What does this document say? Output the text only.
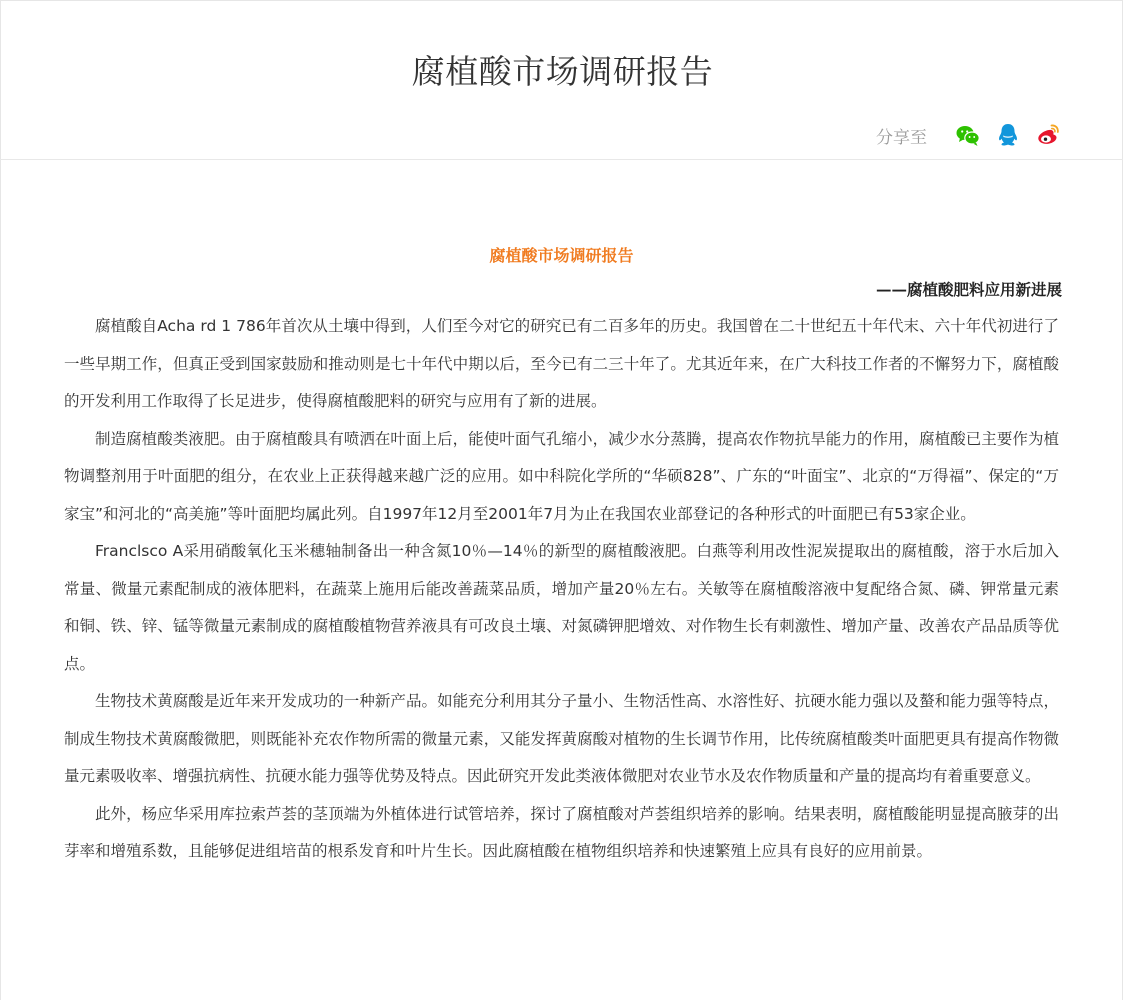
腐植酸市场调研报告
分享至

腐植酸市场调研报告

——腐植酸肥料应用新进展

腐植酸自Acha rd 1 786年首次从土壤中得到，人们至今对它的研究已有二百多年的历史。我国曾在二十世纪五十年代末、六十年代初进行了一些早期工作，但真正受到国家鼓励和推动则是七十年代中期以后，至今已有二三十年了。尤其近年来，在广大科技工作者的不懈努力下，腐植酸的开发利用工作取得了长足进步，使得腐植酸肥料的研究与应用有了新的进展。

制造腐植酸类液肥。由于腐植酸具有喷洒在叶面上后，能使叶面气孔缩小，减少水分蒸腾，提高农作物抗旱能力的作用，腐植酸已主要作为植物调整剂用于叶面肥的组分，在农业上正获得越来越广泛的应用。如中科院化学所的“华硕828”、广东的“叶面宝”、北京的“万得福”、保定的“万家宝”和河北的“高美施”等叶面肥均属此列。自1997年12月至2001年7月为止在我国农业部登记的各种形式的叶面肥已有53家企业。

Franclsco A采用硝酸氧化玉米穗轴制备出一种含氮10％—14％的新型的腐植酸液肥。白燕等利用改性泥炭提取出的腐植酸，溶于水后加入常量、微量元素配制成的液体肥料，在蔬菜上施用后能改善蔬菜品质，增加产量20％左右。关敏等在腐植酸溶液中复配络合氮、磷、钾常量元素和铜、铁、锌、锰等微量元素制成的腐植酸植物营养液具有可改良土壤、对氮磷钾肥增效、对作物生长有刺激性、增加产量、改善农产品品质等优点。

生物技术黄腐酸是近年来开发成功的一种新产品。如能充分利用其分子量小、生物活性高、水溶性好、抗硬水能力强以及螯和能力强等特点，制成生物技术黄腐酸微肥，则既能补充农作物所需的微量元素，又能发挥黄腐酸对植物的生长调节作用，比传统腐植酸类叶面肥更具有提高作物微量元素吸收率、增强抗病性、抗硬水能力强等优势及特点。因此研究开发此类液体微肥对农业节水及农作物质量和产量的提高均有着重要意义。

此外，杨应华采用库拉索芦荟的茎顶端为外植体进行试管培养，探讨了腐植酸对芦荟组织培养的影响。结果表明，腐植酸能明显提高腋芽的出芽率和增殖系数，且能够促进组培苗的根系发育和叶片生长。因此腐植酸在植物组织培养和快速繁殖上应具有良好的应用前景。
